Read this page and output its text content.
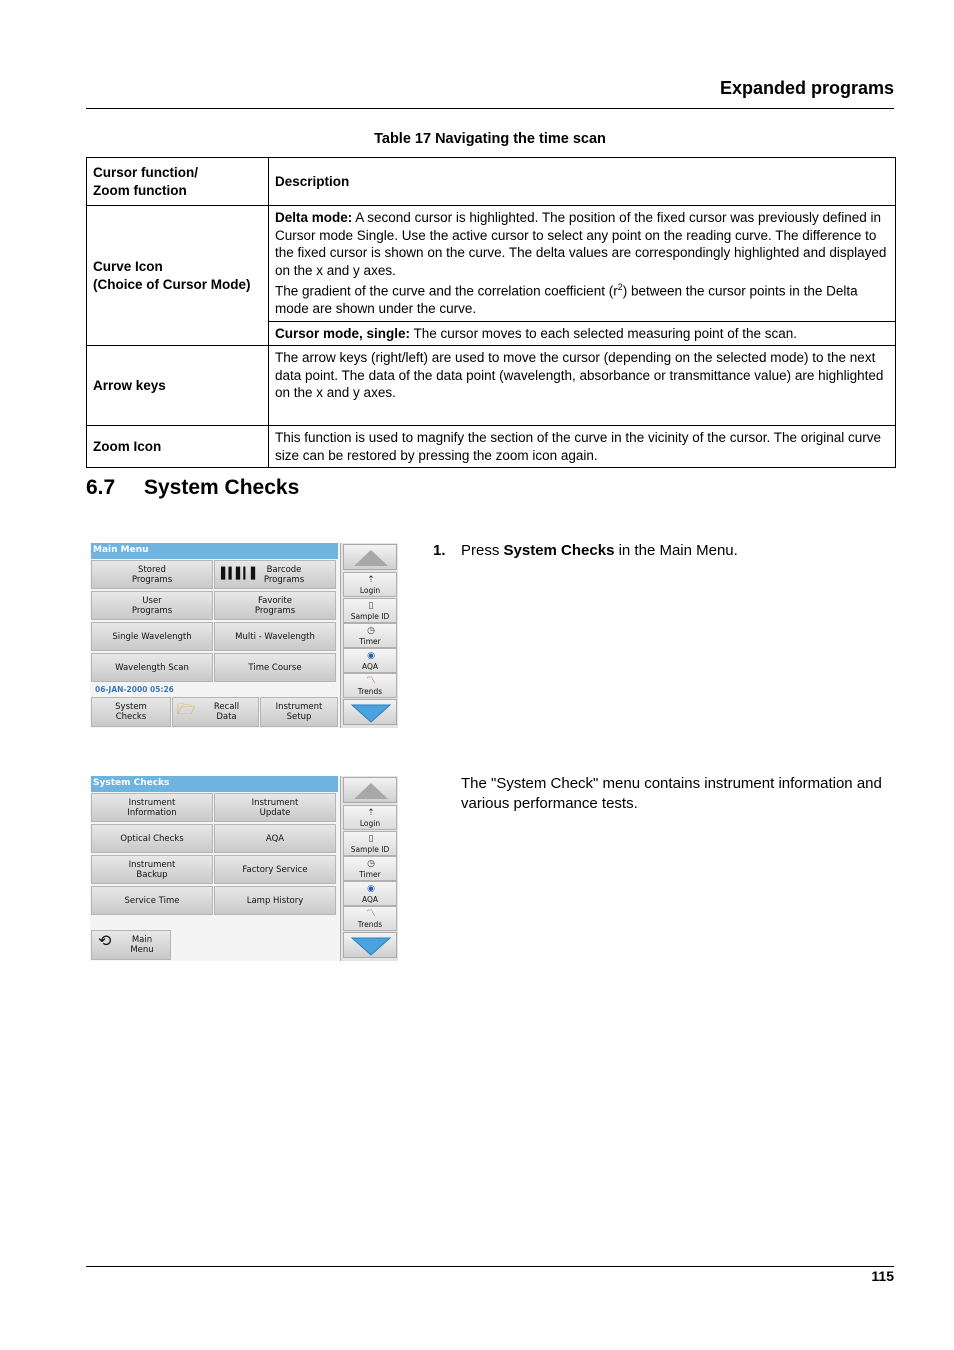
Expanded programs
Table 17 Navigating the time scan
Cursor function/
Zoom function	Description
Curve Icon
(Choice of Cursor Mode)	Delta mode: A second cursor is highlighted. The position of the fixed cursor was previously defined in Cursor mode Single. Use the active cursor to select any point on the reading curve. The difference to the fixed cursor is shown on the curve. The delta values are correspondingly highlighted and displayed on the x and y axes.
The gradient of the curve and the correlation coefficient $(r^2)$ between the cursor points in the Delta mode are shown under the curve.
	Cursor mode, single: The cursor moves to each selected measuring point of the scan.
Arrow keys	The arrow keys (right/left) are used to move the cursor (depending on the selected mode) to the next data point. The data of the data point (wavelength, absorbance or transmittance value) are highlighted on the x and y axes.
Zoom Icon	This function is used to magnify the section of the curve in the vicinity of the cursor. The original curve size can be restored by pressing the zoom icon again.
6.7 System Checks
Main Menu
Stored
Programs	▌▍▌▎▌ Barcode
Programs
User
Programs
Favorite
Programs
Single Wavelength	Multi - Wavelength
Wavelength Scan	Time Course
06-JAN-2000 05:26
System
Checks	🗁	Recall
Data
Instrument
Setup
⇡
Login
▯
Sample ID
◷
Timer
◉
AQA
〽
Trends
1. Press System Checks in the Main Menu.
System Checks
Instrument
Information
Instrument
Update
Optical Checks	AQA
Instrument
Backup	Factory Service
Service Time	Lamp History
⟲	Main
Menu
⇡
Login
▯
Sample ID
◷
Timer
◉
AQA
〽
Trends
The "System Check" menu contains instrument information and various performance tests.
115
